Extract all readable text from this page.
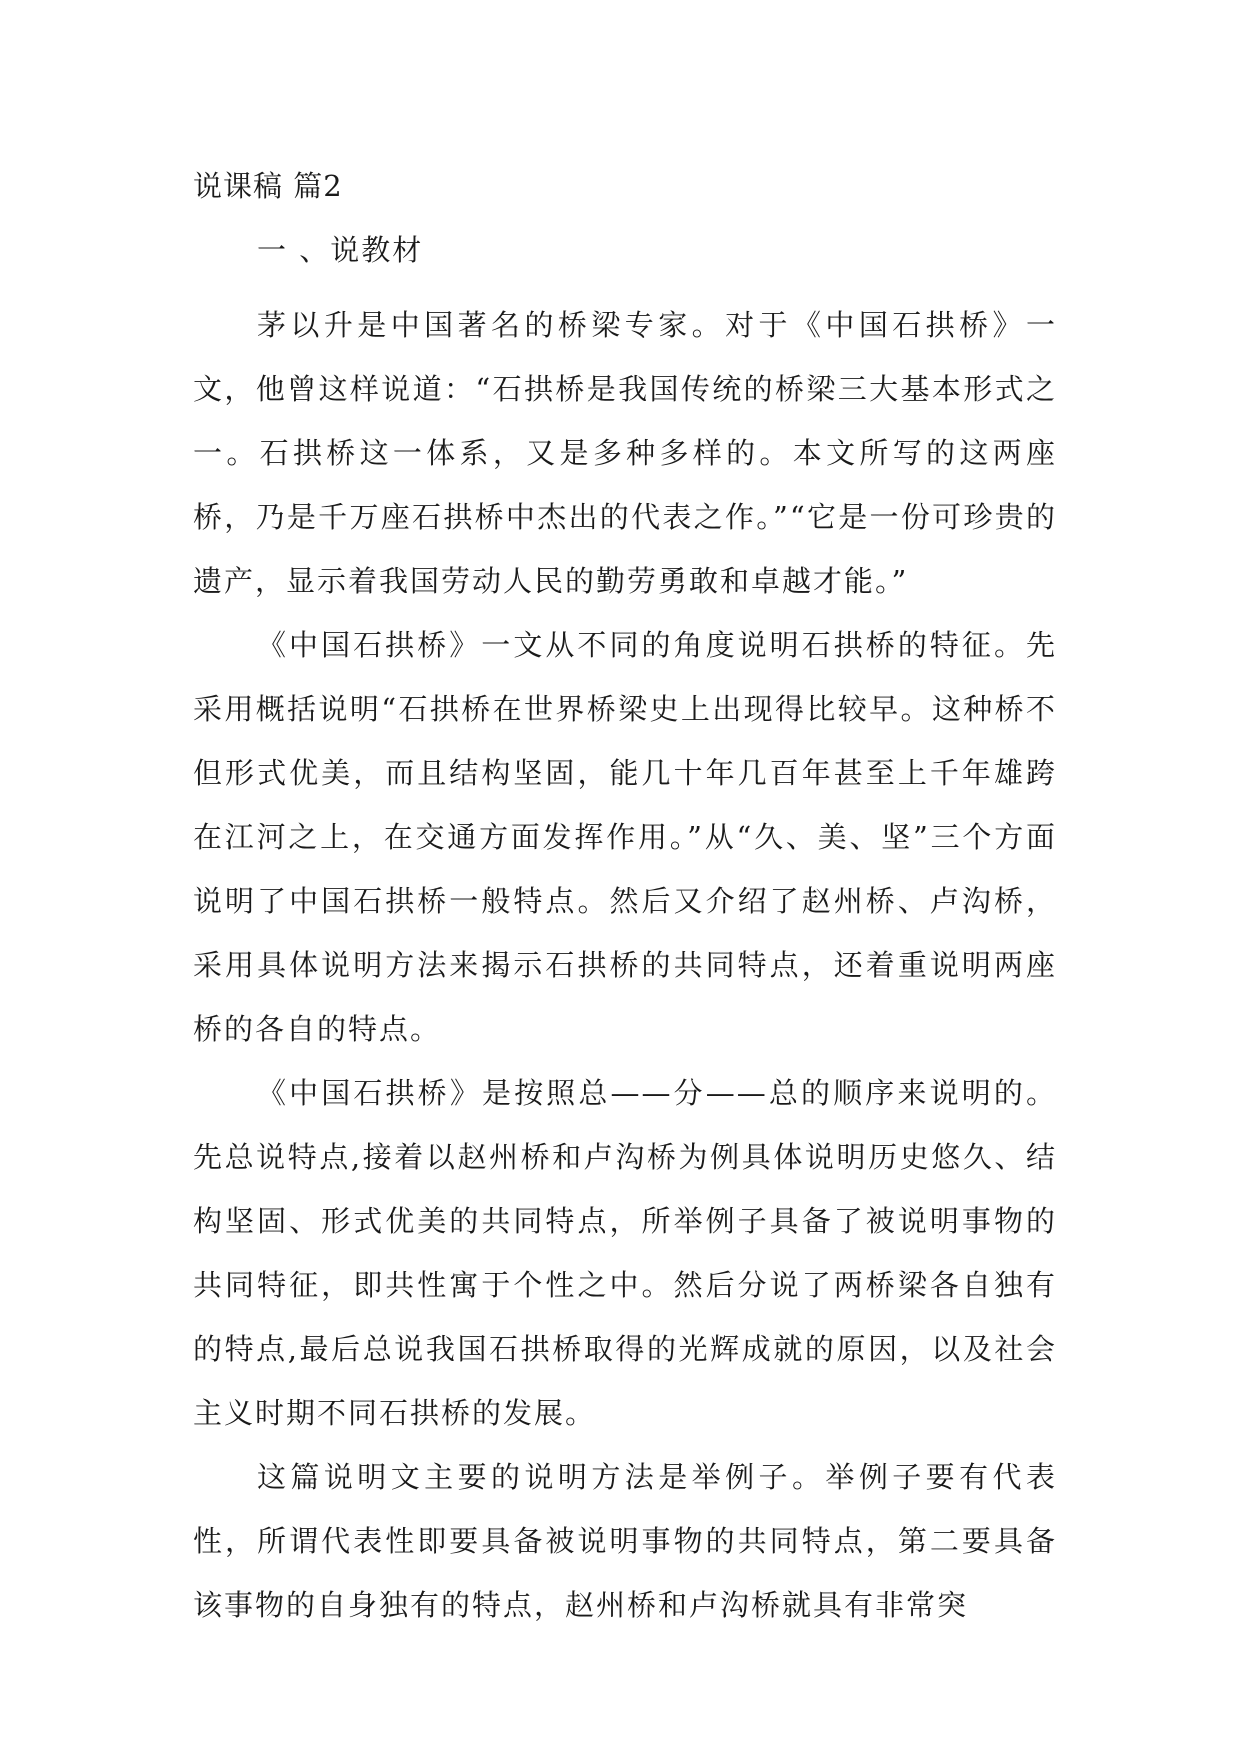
说课稿 篇2
一 、说教材

茅以升是中国著名的桥梁专家。对于《中国石拱桥》一文，他曾这样说道：“石拱桥是我国传统的桥梁三大基本形式之一。石拱桥这一体系，又是多种多样的。本文所写的这两座桥，乃是千万座石拱桥中杰出的代表之作。”“它是一份可珍贵的遗产，显示着我国劳动人民的勤劳勇敢和卓越才能。”

《中国石拱桥》一文从不同的角度说明石拱桥的特征。先采用概括说明“石拱桥在世界桥梁史上出现得比较早。这种桥不但形式优美，而且结构坚固，能几十年几百年甚至上千年雄跨在江河之上，在交通方面发挥作用。”从“久、美、坚”三个方面说明了中国石拱桥一般特点。然后又介绍了赵州桥、卢沟桥，采用具体说明方法来揭示石拱桥的共同特点，还着重说明两座桥的各自的特点。

《中国石拱桥》是按照总——分——总的顺序来说明的。先总说特点,接着以赵州桥和卢沟桥为例具体说明历史悠久、结构坚固、形式优美的共同特点，所举例子具备了被说明事物的共同特征，即共性寓于个性之中。然后分说了两桥梁各自独有的特点,最后总说我国石拱桥取得的光辉成就的原因，以及社会主义时期不同石拱桥的发展。

这篇说明文主要的说明方法是举例子。举例子要有代表性，所谓代表性即要具备被说明事物的共同特点，第二要具备该事物的自身独有的特点，赵州桥和卢沟桥就具有非常突
